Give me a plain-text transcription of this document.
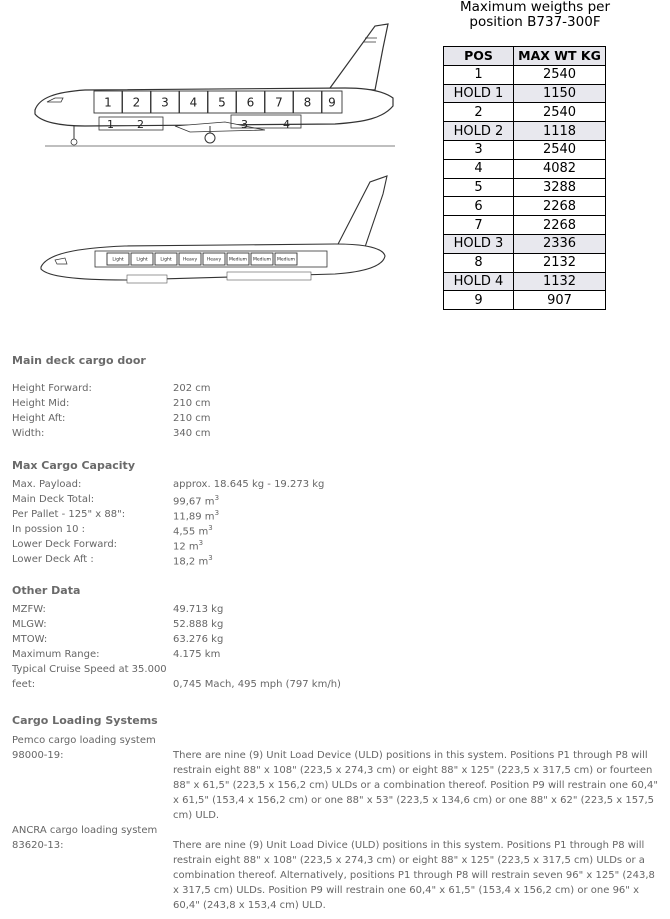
1 2 3 4 5 6 7 8 9
1 2	3	4
Light	Light	Light	Heavy Heavy Medium Medium Medium
Maximum weigths per
position B737-300F
POS	MAX WT KG
1	2540
HOLD 1	1150
2	2540
HOLD 2	1118
3	2540
4	4082
5	3288
6	2268
7	2268
HOLD 3	2336
8	2132
HOLD 4	1132
9	907
Main deck cargo door
Height Forward:	202 cm
Height Mid:	210 cm
Height Aft:	210 cm
Width:	340 cm
Max Cargo Capacity
Max. Payload:	approx. 18.645 kg - 19.273 kg
Main Deck Total:	99,67 $m^3$
Per Pallet - 125" x 88":	11,89 $m^3$
In possion 10 :	4,55 $m^3$
Lower Deck Forward:	12 $m^3$
Lower Deck Aft :	18,2 $m^3$
Other Data
MZFW:	49.713 kg
MLGW:	52.888 kg
MTOW:	63.276 kg
Maximum Range:	4.175 km
Typical Cruise Speed at 35.000
feet:	0,745 Mach, 495 mph (797 km/h)
Cargo Loading Systems
Pemco cargo loading system
98000-19:	There are nine (9) Unit Load Device (ULD) positions in this system. Positions P1 through P8 will restrain eight 88" x 108" (223,5 x 274,3 cm) or eight 88" x 125" (223,5 x 317,5 cm) or fourteen 88" x 61,5" (223,5 x 156,2 cm) ULDs or a combination thereof. Position P9 will restrain one 60,4" x 61,5" (153,4 x 156,2 cm) or one 88" x 53" (223,5 x 134,6 cm) or one 88" x 62" (223,5 x 157,5 cm) ULD.
ANCRA cargo loading system
83620-13:	There are nine (9) Unit Load Divice (ULD) positions in this system. Positions P1 through P8 will restrain eight 88" x 108" (223,5 x 274,3 cm) or eight 88" x 125" (223,5 x 317,5 cm) ULDs or a combination thereof. Alternatively, positions P1 through P8 will restrain seven 96" x 125" (243,8 x 317,5 cm) ULDs. Position P9 will restrain one 60,4" x 61,5" (153,4 x 156,2 cm) or one 96" x 60,4" (243,8 x 153,4 cm) ULD.
